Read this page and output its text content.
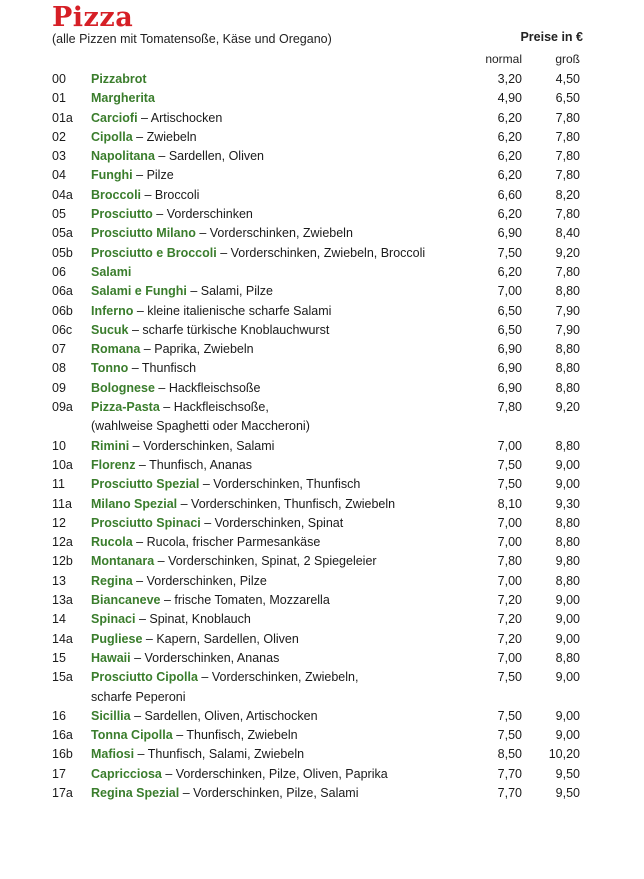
Pizza
(alle Pizzen mit Tomatensoße, Käse und Oregano)	Preise in €
normal	groß
00 Pizzabrot	3,20	4,50
01 Margherita	4,90	6,50
01a Carciofi – Artischocken	6,20	7,80
02 Cipolla – Zwiebeln	6,20	7,80
03 Napolitana – Sardellen, Oliven	6,20	7,80
04 Funghi – Pilze	6,20	7,80
04a Broccoli – Broccoli	6,60	8,20
05 Prosciutto – Vorderschinken	6,20	7,80
05a Prosciutto Milano – Vorderschinken, Zwiebeln	6,90	8,40
05b Prosciutto e Broccoli – Vorderschinken, Zwiebeln, Broccoli	7,50	9,20
06 Salami	6,20	7,80
06a Salami e Funghi – Salami, Pilze	7,00	8,80
06b Inferno – kleine italienische scharfe Salami	6,50	7,90
06c Sucuk – scharfe türkische Knoblauchwurst	6,50	7,90
07 Romana – Paprika, Zwiebeln	6,90	8,80
08 Tonno – Thunfisch	6,90	8,80
09 Bolognese – Hackfleischsoße	6,90	8,80
09a Pizza-Pasta – Hackfleischsoße,
(wahlweise Spaghetti oder Maccheroni)
7,80	9,20
10 Rimini – Vorderschinken, Salami	7,00	8,80
10a Florenz – Thunfisch, Ananas	7,50	9,00
11 Prosciutto Spezial – Vorderschinken, Thunfisch	7,50	9,00
11a Milano Spezial – Vorderschinken, Thunfisch, Zwiebeln	8,10	9,30
12 Prosciutto Spinaci – Vorderschinken, Spinat	7,00	8,80
12a Rucola – Rucola, frischer Parmesankäse	7,00	8,80
12b Montanara – Vorderschinken, Spinat, 2 Spiegeleier	7,80	9,80
13 Regina – Vorderschinken, Pilze	7,00	8,80
13a Biancaneve – frische Tomaten, Mozzarella	7,20	9,00
14 Spinaci – Spinat, Knoblauch	7,20	9,00
14a Pugliese – Kapern, Sardellen, Oliven	7,20	9,00
15 Hawaii – Vorderschinken, Ananas	7,00	8,80
15a Prosciutto Cipolla – Vorderschinken, Zwiebeln,
scharfe Peperoni
7,50	9,00
16 Sicillia – Sardellen, Oliven, Artischocken	7,50	9,00
16a Tonna Cipolla – Thunfisch, Zwiebeln	7,50	9,00
16b Mafiosi – Thunfisch, Salami, Zwiebeln	8,50	10,20
17 Capricciosa – Vorderschinken, Pilze, Oliven, Paprika	7,70	9,50
17a Regina Spezial – Vorderschinken, Pilze, Salami	7,70	9,50
